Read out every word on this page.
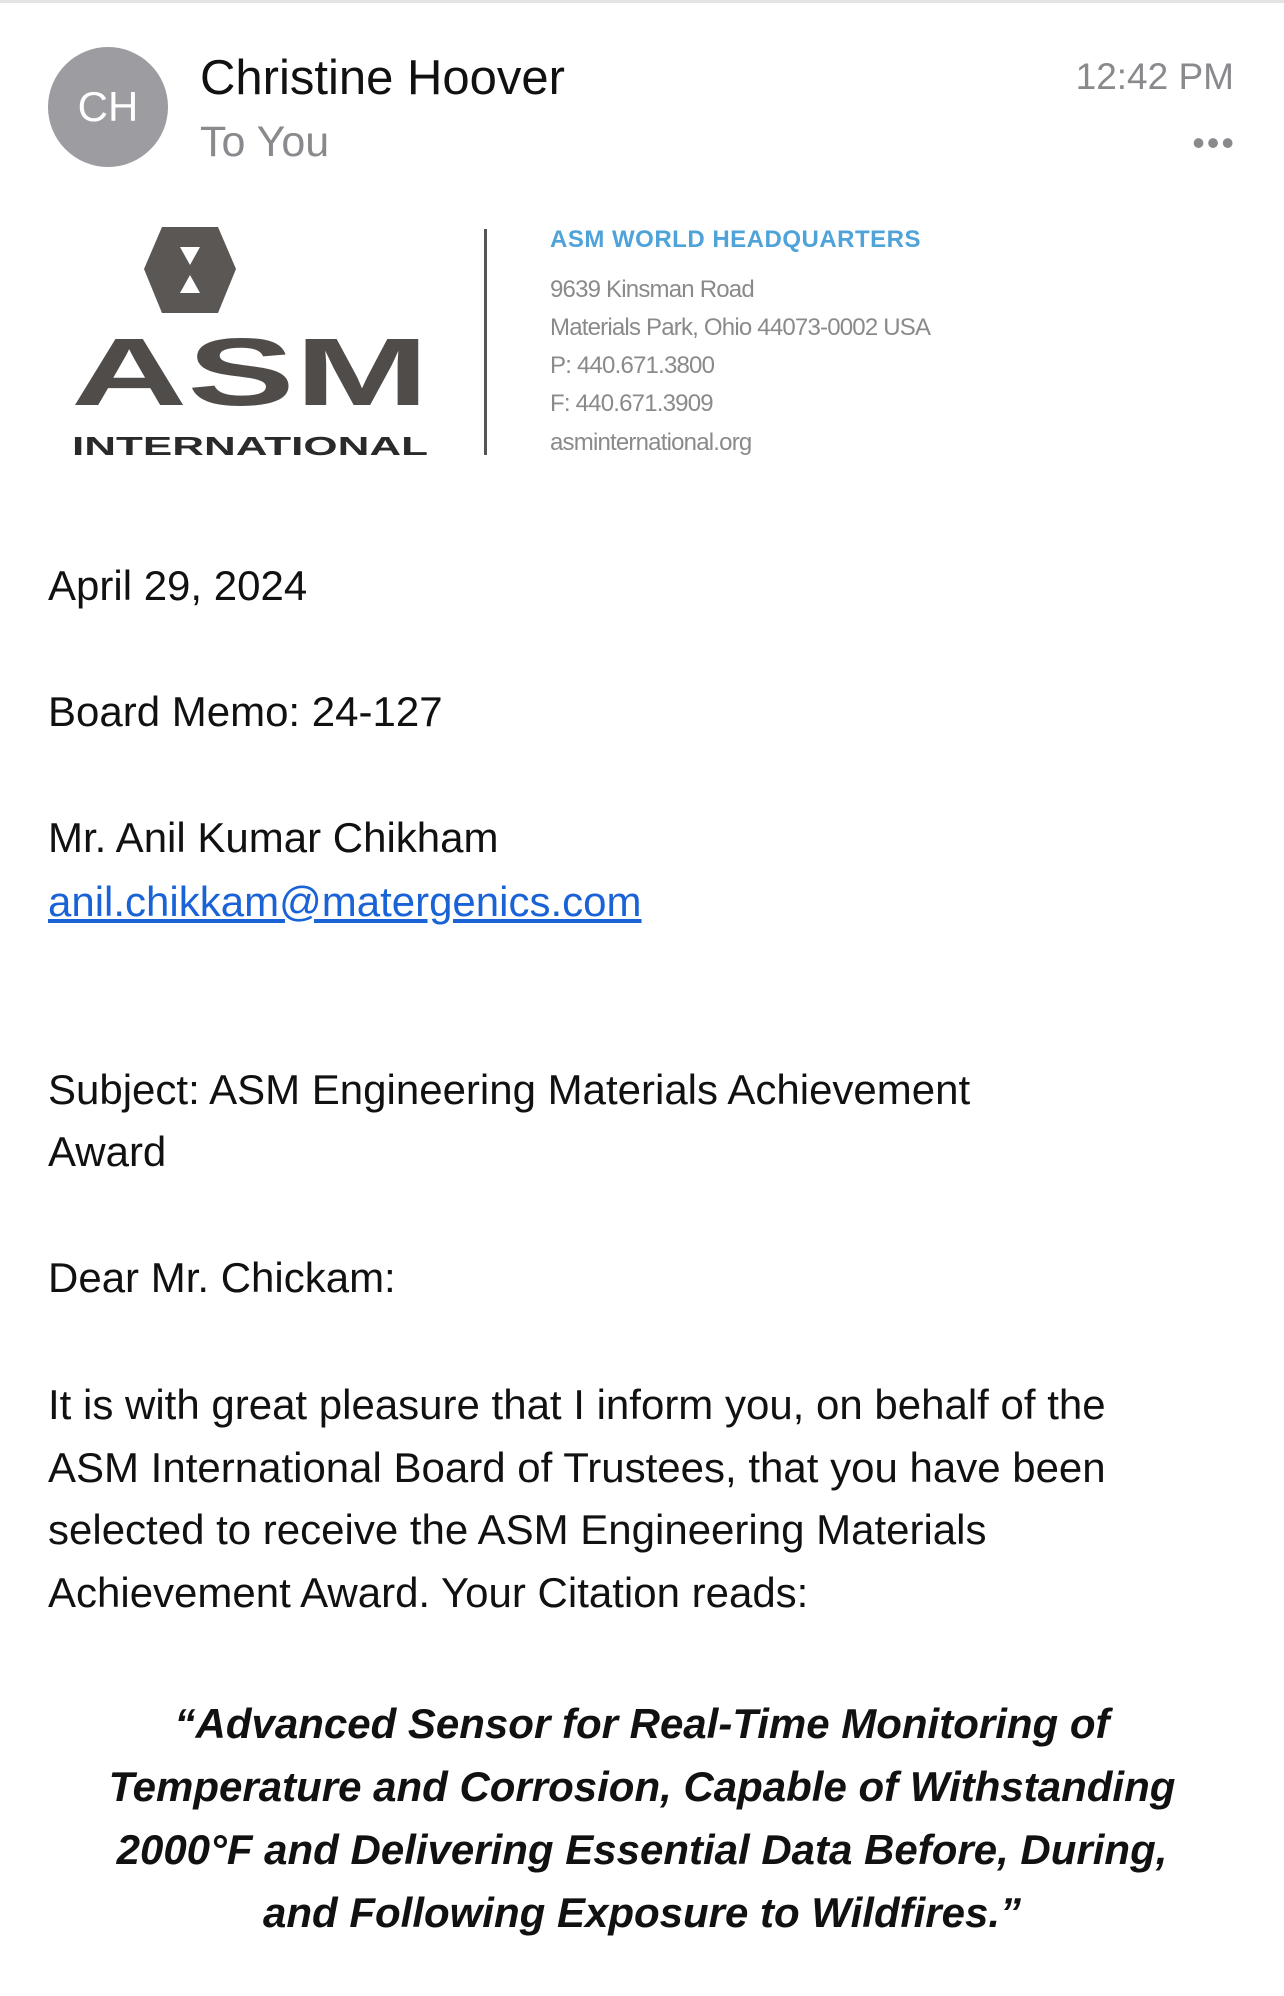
CH
Christine Hoover
To You
12:42 PM
•••
ASM
INTERNATIONAL
ASM WORLD HEADQUARTERS
9639 Kinsman Road
Materials Park, Ohio 44073-0002 USA
P: 440.671.3800
F: 440.671.3909
asminternational.org
April 29, 2024
Board Memo: 24-127
Mr. Anil Kumar Chikham
anil.chikkam@matergenics.com
Subject: ASM Engineering Materials Achievement
Award
Dear Mr. Chickam:
It is with great pleasure that I inform you, on behalf of the
ASM International Board of Trustees, that you have been
selected to receive the ASM Engineering Materials
Achievement Award. Your Citation reads:
“Advanced Sensor for Real-Time Monitoring of
Temperature and Corrosion, Capable of Withstanding
2000°F and Delivering Essential Data Before, During,
and Following Exposure to Wildfires.”
